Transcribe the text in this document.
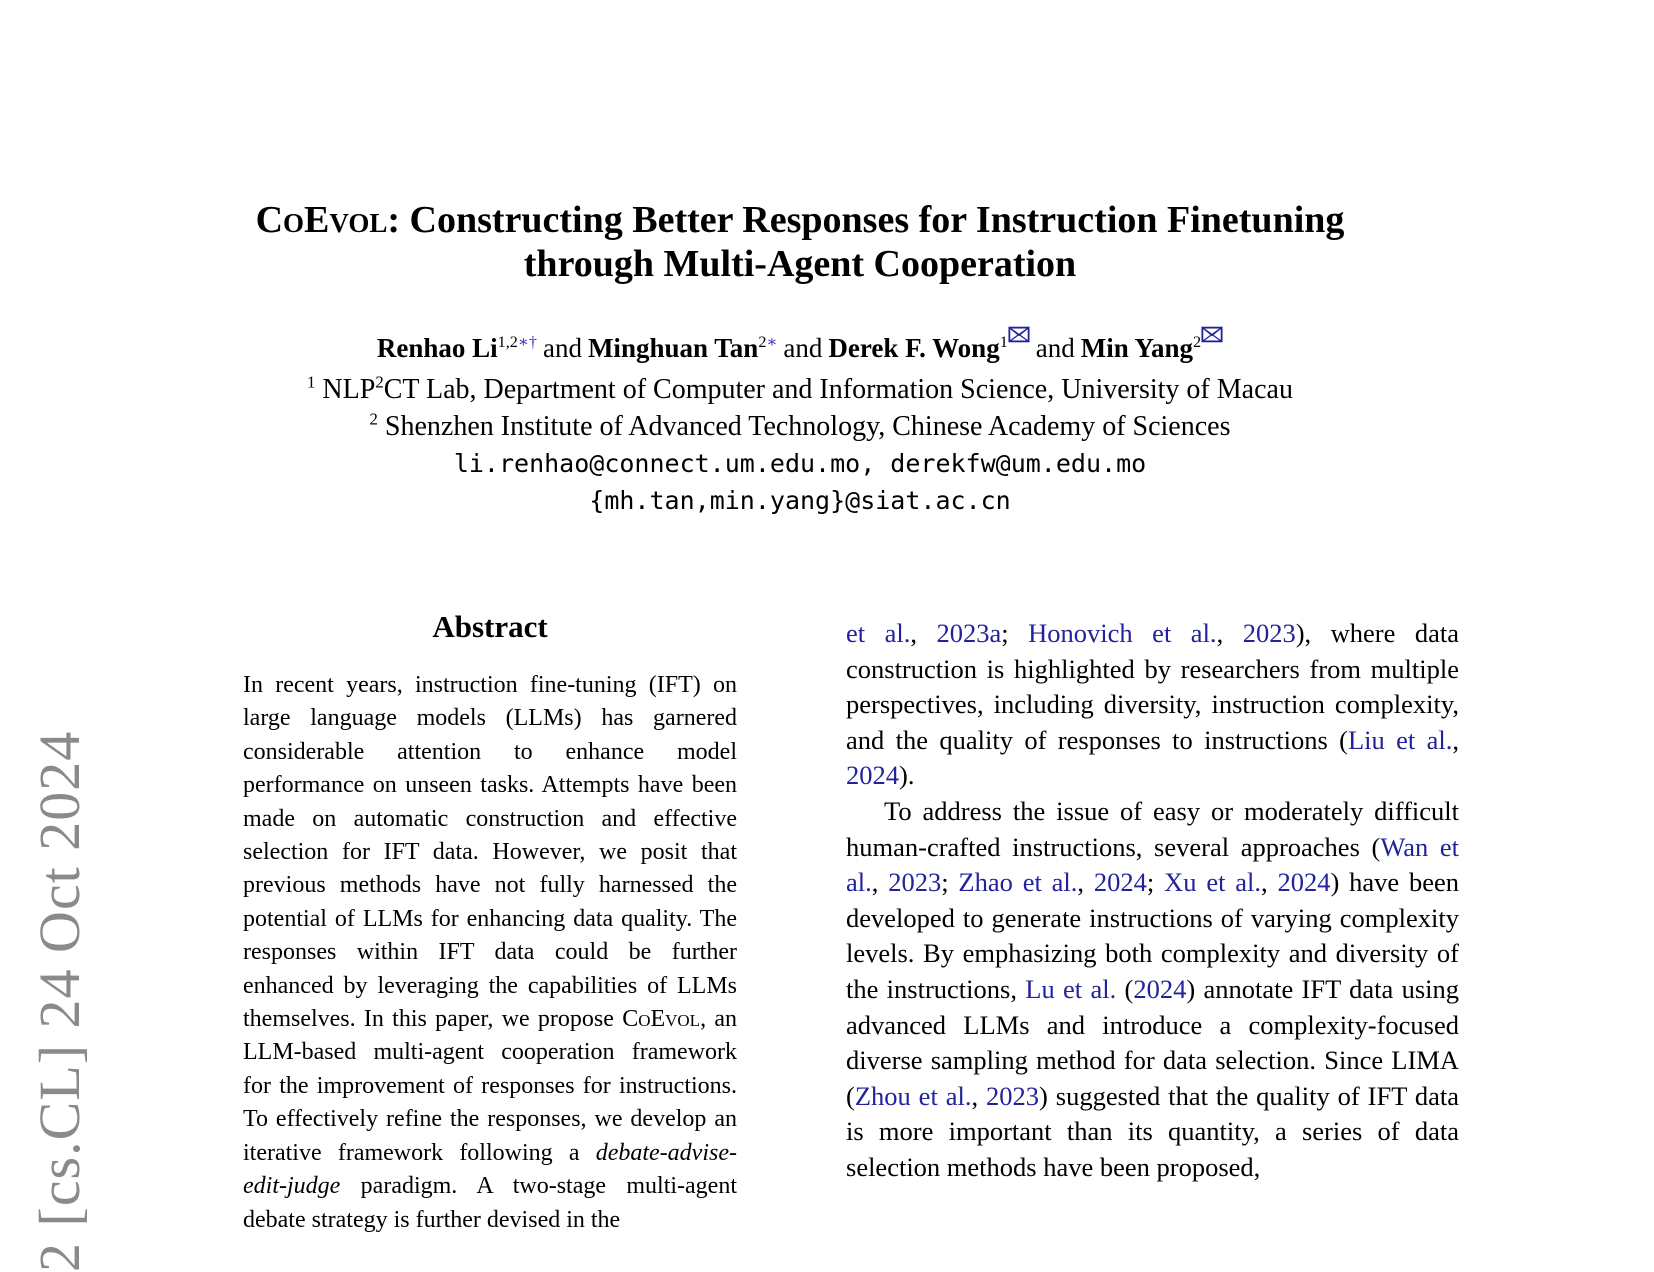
2 [cs.CL] 24 Oct 2024
CoEvol: Constructing Better Responses for Instruction Finetuning
through Multi-Agent Cooperation
Renhao $Li^{1,2∗\dagger}$ and Minghuan Tan$^{2∗}$ and Derek F. Wong$^1$ and Min Yang$^2$
$^1$ NLP$^2$CT Lab, Department of Computer and Information Science, University of Macau
$^2$ Shenzhen Institute of Advanced Technology, Chinese Academy of Sciences
li.renhao@connect.um.edu.mo, derekfw@um.edu.mo
{mh.tan,min.yang}@siat.ac.cn
Abstract

In recent years, instruction fine-tuning (IFT) on large language models (LLMs) has garnered considerable attention to enhance model performance on unseen tasks. Attempts have been made on automatic construction and effective selection for IFT data. However, we posit that previous methods have not fully harnessed the potential of LLMs for enhancing data quality. The responses within IFT data could be further enhanced by leveraging the capabilities of LLMs themselves. In this paper, we propose CoEvol, an LLM-based multi-agent cooperation framework for the improvement of responses for instructions. To effectively refine the responses, we develop an iterative framework following a debate-advise-edit-judge paradigm. A two-stage multi-agent debate strategy is further devised in the

et al., 2023a; Honovich et al., 2023), where data construction is highlighted by researchers from multiple perspectives, including diversity, instruction complexity, and the quality of responses to instructions (Liu et al., 2024).

To address the issue of easy or moderately difficult human-crafted instructions, several approaches (Wan et al., 2023; Zhao et al., 2024; Xu et al., 2024) have been developed to generate instructions of varying complexity levels. By emphasizing both complexity and diversity of the instructions, Lu et al. (2024) annotate IFT data using advanced LLMs and introduce a complexity-focused diverse sampling method for data selection. Since LIMA (Zhou et al., 2023) suggested that the quality of IFT data is more important than its quantity, a series of data selection methods have been proposed,
